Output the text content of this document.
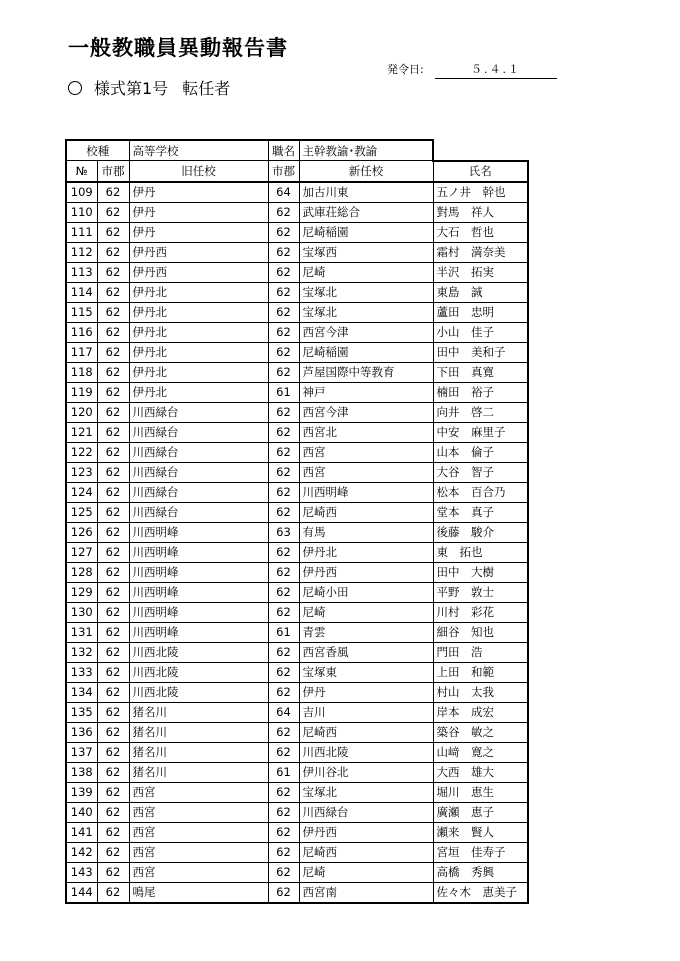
一般教職員異動報告書
発令日:	５.４.１
様式第1号 転任者
校種		高等学校	職名	主幹教諭･教諭	
№	市郡	旧任校	市郡	新任校	氏名
109	62	伊丹	64	加古川東	五ノ井　幹也
110	62	伊丹	62	武庫荘総合	對馬　祥人
111	62	伊丹	62	尼崎稲園	大石　哲也
112	62	伊丹西	62	宝塚西	霜村　満奈美
113	62	伊丹西	62	尼崎	半沢　拓実
114	62	伊丹北	62	宝塚北	東島　誠
115	62	伊丹北	62	宝塚北	蘆田　忠明
116	62	伊丹北	62	西宮今津	小山　佳子
117	62	伊丹北	62	尼崎稲園	田中　美和子
118	62	伊丹北	62	芦屋国際中等教育	下田　真寛
119	62	伊丹北	61	神戸	楠田　裕子
120	62	川西緑台	62	西宮今津	向井　啓二
121	62	川西緑台	62	西宮北	中安　麻里子
122	62	川西緑台	62	西宮	山本　倫子
123	62	川西緑台	62	西宮	大谷　智子
124	62	川西緑台	62	川西明峰	松本　百合乃
125	62	川西緑台	62	尼崎西	堂本　真子
126	62	川西明峰	63	有馬	後藤　駿介
127	62	川西明峰	62	伊丹北	東　拓也
128	62	川西明峰	62	伊丹西	田中　大樹
129	62	川西明峰	62	尼崎小田	平野　敦士
130	62	川西明峰	62	尼崎	川村　彩花
131	62	川西明峰	61	青雲	細谷　知也
132	62	川西北陵	62	西宮香風	門田　浩
133	62	川西北陵	62	宝塚東	上田　和範
134	62	川西北陵	62	伊丹	村山　太我
135	62	猪名川	64	吉川	岸本　成宏
136	62	猪名川	62	尼崎西	築谷　敏之
137	62	猪名川	62	川西北陵	山﨑　寛之
138	62	猪名川	61	伊川谷北	大西　雄大
139	62	西宮	62	宝塚北	堀川　恵生
140	62	西宮	62	川西緑台	廣瀬　恵子
141	62	西宮	62	伊丹西	瀬来　賢人
142	62	西宮	62	尼崎西	宮垣　佳寿子
143	62	西宮	62	尼崎	高橋　秀興
144	62	鳴尾	62	西宮南	佐々木　恵美子
